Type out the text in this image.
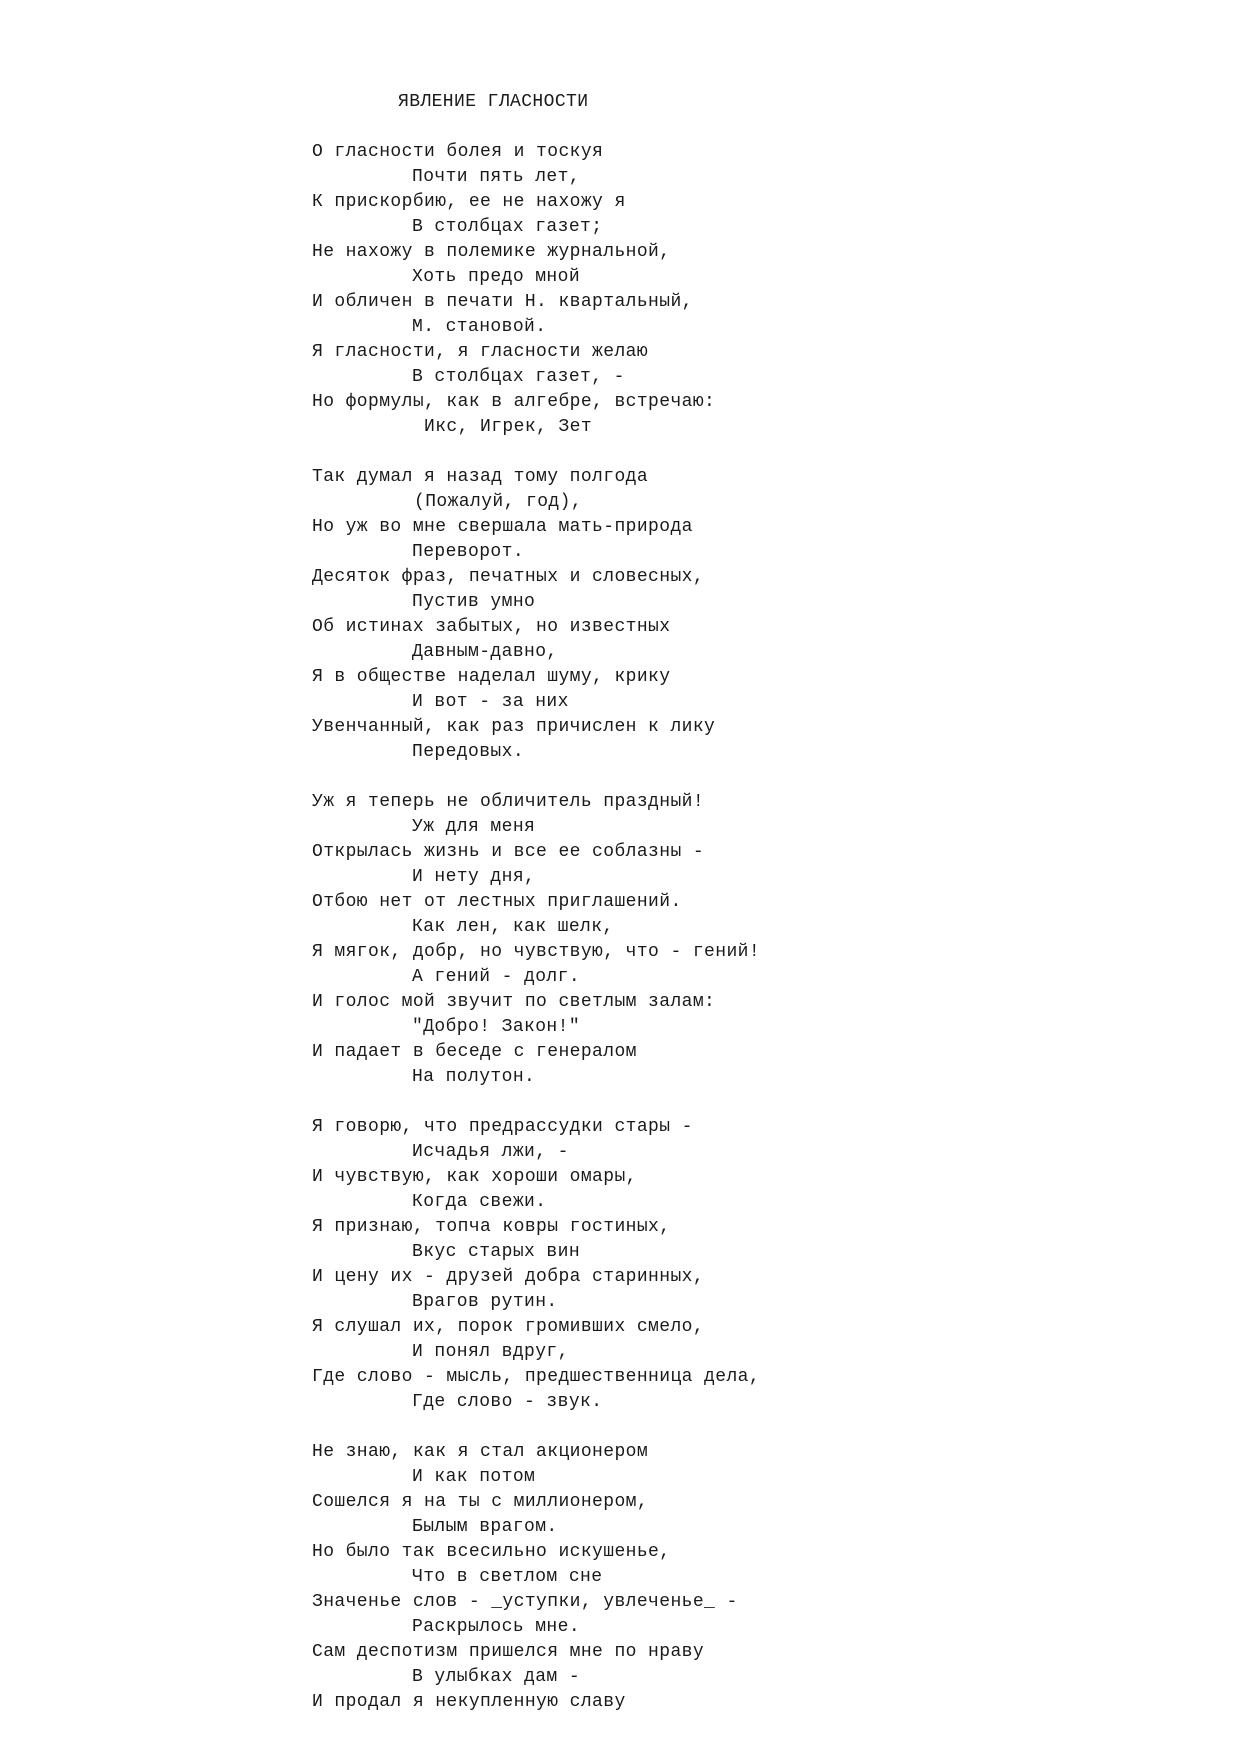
ЯВЛЕНИЕ ГЛАСНОСТИ
О гласности болея и тоскуя
Почти пять лет,
К прискорбию, ее не нахожу я
В столбцах газет;
Не нахожу в полемике журнальной,
Хоть предо мной
И обличен в печати Н. квартальный,
М. становой.
Я гласности, я гласности желаю
В столбцах газет, -
Но формулы, как в алгебре, встречаю:
Икс, Игрек, Зет
Так думал я назад тому полгода
(Пожалуй, год),
Но уж во мне свершала мать-природа
Переворот.
Десяток фраз, печатных и словесных,
Пустив умно
Об истинах забытых, но известных
Давным-давно,
Я в обществе наделал шуму, крику
И вот - за них
Увенчанный, как раз причислен к лику
Передовых.
Уж я теперь не обличитель праздный!
Уж для меня
Открылась жизнь и все ее соблазны -
И нету дня,
Отбою нет от лестных приглашений.
Как лен, как шелк,
Я мягок, добр, но чувствую, что - гений!
А гений - долг.
И голос мой звучит по светлым залам:
"Добро! Закон!"
И падает в беседе с генералом
На полутон.
Я говорю, что предрассудки стары -
Исчадья лжи, -
И чувствую, как хороши омары,
Когда свежи.
Я признаю, топча ковры гостиных,
Вкус старых вин
И цену их - друзей добра старинных,
Врагов рутин.
Я слушал их, порок громивших смело,
И понял вдруг,
Где слово - мысль, предшественница дела,
Где слово - звук.
Не знаю, как я стал акционером
И как потом
Сошелся я на ты с миллионером,
Былым врагом.
Но было так всесильно искушенье,
Что в светлом сне
Значенье слов - _уступки, увлеченье_ -
Раскрылось мне.
Сам деспотизм пришелся мне по нраву
В улыбках дам -
И продал я некупленную славу
